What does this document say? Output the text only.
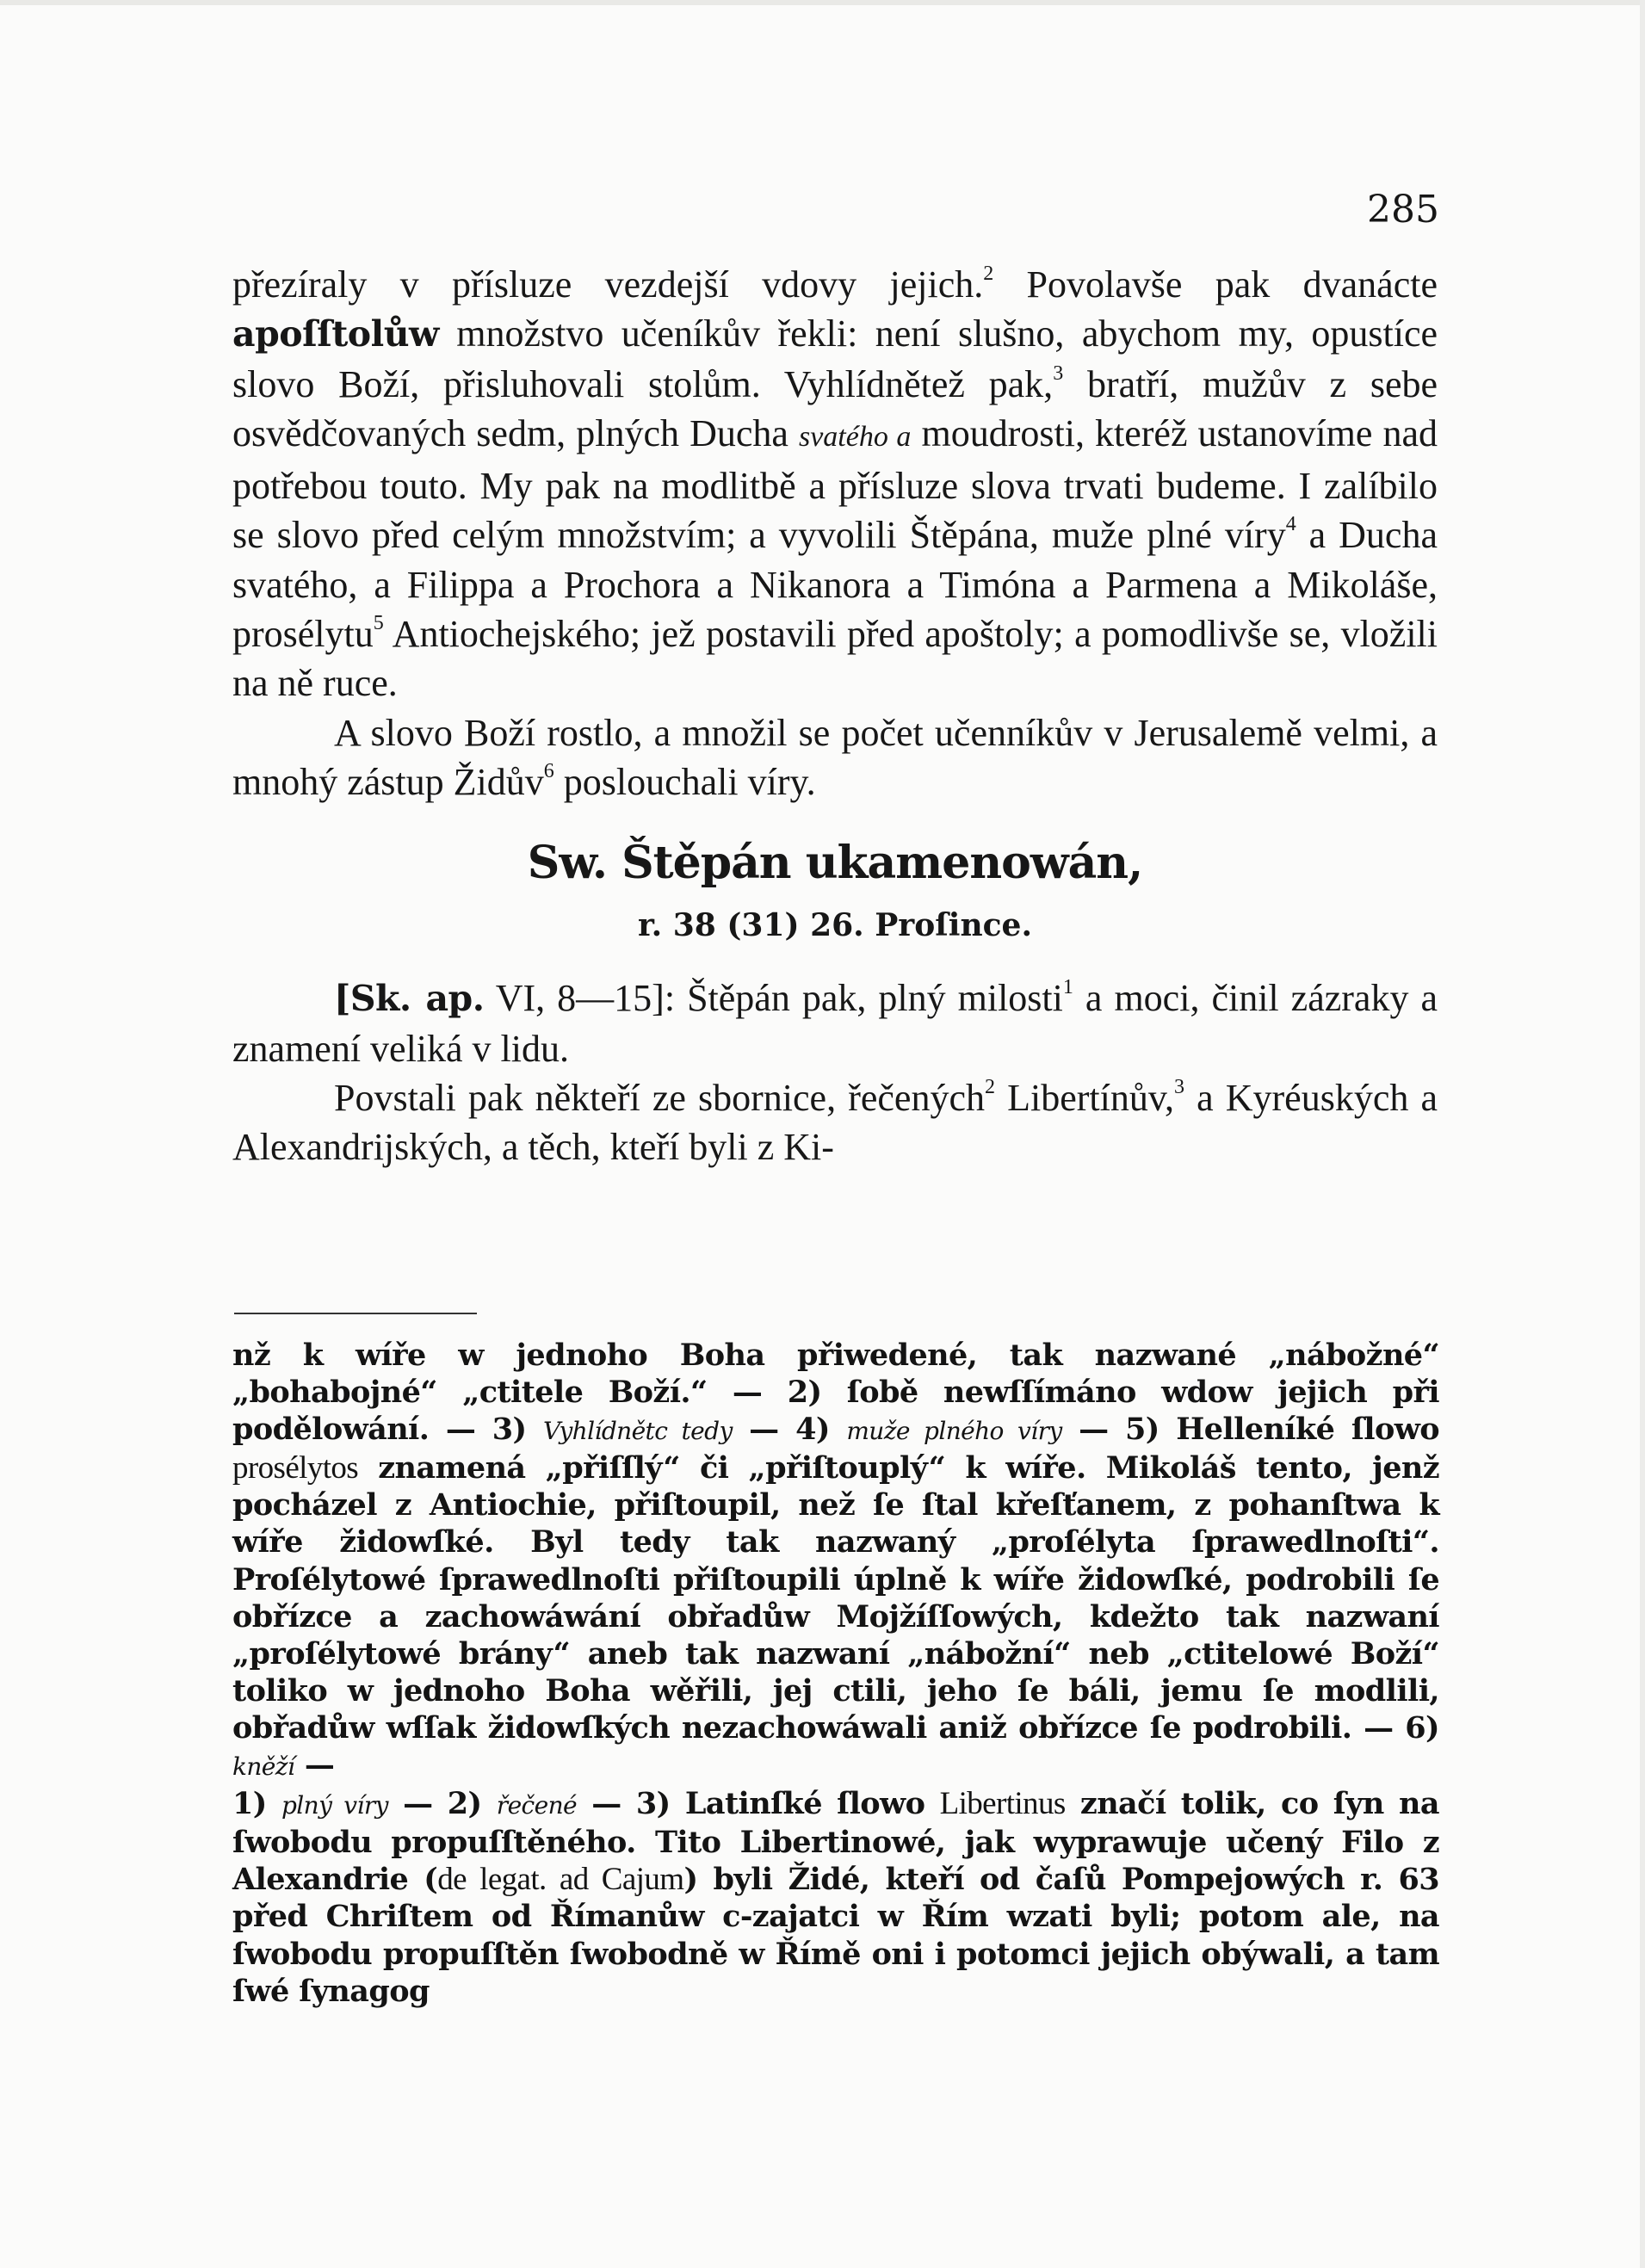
285

přezíraly v přísluze vezdejší vdovy jejich.$^2$ Povolavše pak dvanácte apoſſtolůw množstvo učeníkův řekli: není slušno, abychom my, opustíce slovo Boží, přisluhovali stolům. Vyhlídnětež pak,$^3$ bratří, mužův z sebe osvědčovaných sedm, plných Ducha svatého a moudrosti, kteréž ustanovíme nad potřebou touto. My pak na modlitbě a přísluze slova trvati budeme. I zalíbilo se slovo před celým množstvím; a vyvolili Štěpána, muže plné víry$^4$ a Ducha svatého, a Filippa a Prochora a Nikanora a Timóna a Parmena a Mikoláše, prosélytu$^5$ Antiochejského; jež postavili před apoštoly; a pomodlivše se, vložili na ně ruce.

A slovo Boží rostlo, a množil se počet učenníkův v Jerusalemě velmi, a mnohý zástup Židův$^6$ poslouchali víry.

Sw. Štěpán ukamenowán,
r. 38 (31) 26. Proſince.

[Sk. ap. VI, 8—15]: Štěpán pak, plný milosti$^1$ a moci, činil zázraky a znamení veliká v lidu.

Povstali pak někteří ze sbornice, řečených$^2$ Libertínův,$^3$ a Kyréuských a Alexandrijských, a těch, kteří byli z Ki-

nž k wíře w jednoho Boha přiwedené, tak nazwané „nábožné“ „bohabojné“ „ctitele Boží.“ — 2) ſobě newſſímáno wdow jejich při podělowání. — 3) Vyhlídnětc tedy — 4) muže plného víry — 5) Helleníké ſlowo prosélytos znamená „přiſſlý“ či „přiſtouplý“ k wíře. Mikoláš tento, jenž pocházel z Antiochie, přiſtoupil, než ſe ſtal křeſťanem, z pohanſtwa k wíře židowſké. Byl tedy tak nazwaný „proſélyta ſprawedlnoſti“. Proſélytowé ſprawedlnoſti přiſtoupili úplně k wíře židowſké, podrobili ſe obřízce a zachowáwání obřadůw Mojžíſſowých, kdežto tak nazwaní „proſélytowé brány“ aneb tak nazwaní „nábožní“ neb „ctitelowé Boží“ toliko w jednoho Boha wěřili, jej ctili, jeho ſe báli, jemu ſe modlili, obřadůw wſſak židowſkých nezachowáwali aniž obřízce ſe podrobili. — 6) kněží —

1) plný víry — 2) řečené — 3) Latinſké ſlowo Libertinus značí tolik, co ſyn na ſwobodu propuſſtěného. Tito Libertinowé, jak wyprawuje učený Filo z Alexandrie (de legat. ad Cajum) byli Židé, kteří od čaſů Pompejowých r. 63 před Chriſtem od Římanůw c-zajatci w Řím wzati byli; potom ale, na ſwobodu propuſſtěn ſwobodně w Římě oni i potomci jejich obýwali, a tam ſwé ſynagog
